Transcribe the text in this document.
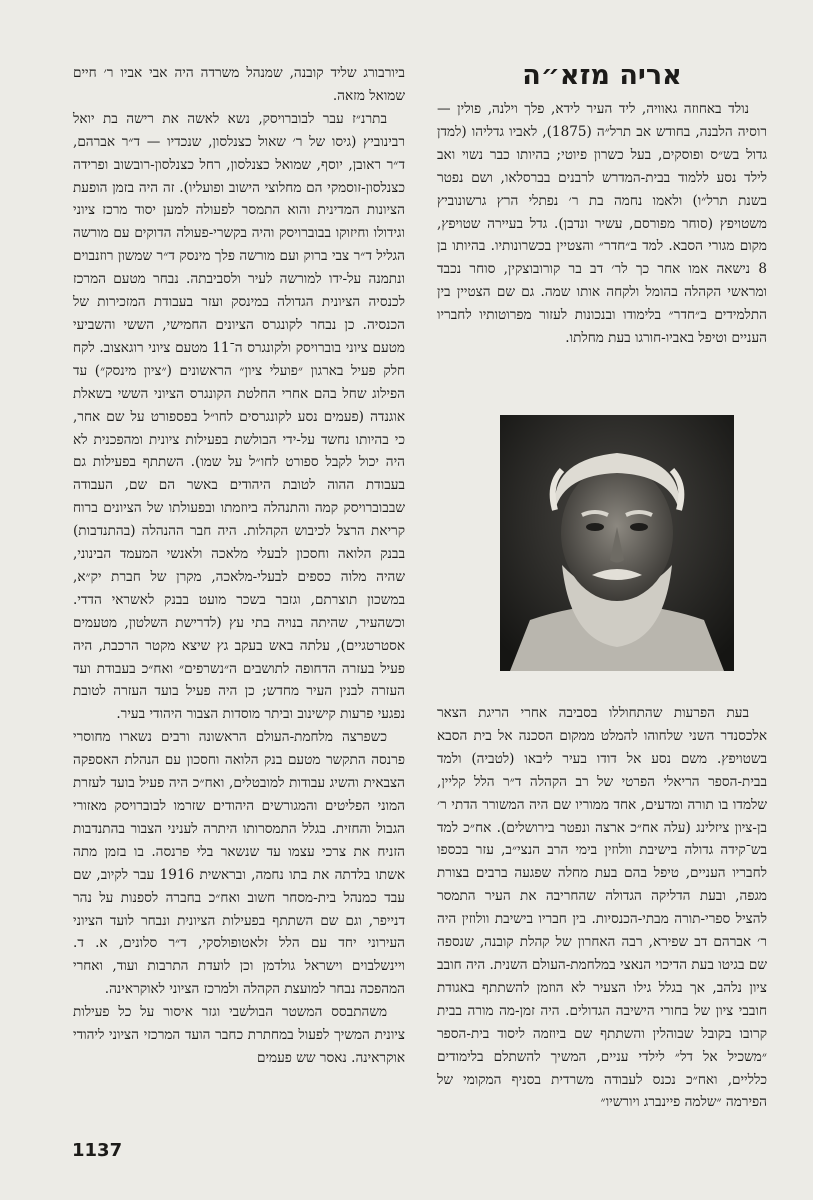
אריה מזא״ה

נולד באחוזה גאוויה, ליד העיר לידא, פלך וילנה, פולין — רוסיה הלבנה, בחודש אב תרל״ה (1875), לאביו גדליהו (למדן גדול בש״ס ופוסקים, בעל כשרון פיוטי; בהיותו כבר נשוי ואב לילד נסע ללמוד בבית-המדרש לרבנים בברסלאו, ושם נפטר בשנת תרל״ו) ולאמו נחמה בת ר׳ נפתלי הרץ גרשונוביץ משטויפץ (סוחר מפורסם, עשיר ונדבן). גדל בעיירה שטויפץ, מקום מגורי הסבא. למד ב״חדר״ והצטיין בכשרונותיו. בהיותו בן 8 נישאה אמו אחר כך לר׳ דב בר קורובוצקין, סוחר נכבד ומראשי הקהלה בהומל ולקחה אותו שמה. גם שם הצטיין בין התלמידים ב״חדר״ בלימודו ובנכונות לעזור מפרוטותיו לחבריו העניים וטיפל באביו-חורגו בעת מחלתו.

בעת הפרעות שהתחוללו בסביבה אחרי הריגת הצאר אלכסנדר השני שלחוהו להמלט ממקום הסכנה אל בית הסבא בשטויפץ. משם נסע אל דודו בעיר ליבאו (לטביה) ולמד בבית-הספר הריאלי הפרטי של רב הקהלה ד״ר הלל קליין, שלמדו בו תורה ומדעים, אחד ממוריו שם היה המשורר הדתי ר׳ בן-ציון ציזלינג (עלה אח״כ ארצה ונפטר בירושלים). אח״כ למד בש־קידה גדולה בישיבת וולוזין בימי הרב הנצי״ב, עזר בכספו לחבריו העניים, טיפל בהם בעת מחלה שפגעה ברבים בצורת מגפה, ובעת הדליקה הגדולה שהחריבה את העיר התמסר להציל ספרי-תורה מבתי-הכנסיות. בין חבריו בישיבת וולוזין היה ר׳ אברהם דב שפירא, רבה האחרון של קהלת קובנה, שנספה שם בגיטו בעת הדיכוי הנאצי במלחמת-העולם השנית. היה חובב ציון נלהב, אך בגלל גילו הצעיר לא הוזמן להשתתף באגודת חובבי ציון של בחורי הישיבה הגדולים. היה זמן-מה מורה בבית קרובו בקובל שבוהלין והשתתף שם ביוזמה ליסוד בית-הספר ״משכיל אל דל״ לילדי עניים, המשיך להשתלם בלימודים כלליים, ואח״כ נכנס לעבודה משרדית בסניף המקומי של הפירמה ״שלמה פיינברג ויורשיו״

ביורבורג שליד קובנה, שמנהל משרדה היה אבי אביו ר׳ חיים שמואל מזאה.

בתרנ״ז עבר לבוברויסק, נשא לאשה את רישה בת יואל רבינוביץ (גיסו של ר׳ שאול כצנלסון, שנכדיו — ד״ר אברהם, ד״ר ראובן, יוסף, שמואל כצנלסון, רחל כצנלסון-רובשוב ופרידה כצנלסון-זוסמקי הם מחלוצי הישוב ופועליו). זה היה בזמן הופעת הציונות המדינית והוא התמסר לפעולה למען יסוד מרכז ציוני וגידולו וחיזוקו בבוברויסק והיה בקשרי-פעולה הדוקים עם מורשה הגליל ד״ר צבי ברוק ועם מורשה פלך מינסק ד״ר שמשון רוזנבוים ונתמנה על-ידו למורשה לעיר ולסביבתה. נבחר מטעם המרכז לכנסיה הציונית הגדולה במינסק ועזר בעבודת המזכירות של הכנסיה. כן נבחר לקונגרס הציונים החמישי, הששי והשביעי מטעם ציוני בוברויסק ולקונגרס ה־11 מטעם ציוני רוגאצוב. לקח חלק פעיל בארגון ״פועלי ציון״ הראשונים (״ציון מינסק״) עד הפילוג שחל בהם אחרי החלטת הקונגרס הציוני הששי בשאלת אוגנדה (פעמים נסע לקונגרסים לחו״ל בפספורט על שם אחר, כי בהיותו נחשד על-ידי הבולשת בפעילות ציונית ומהפכנית לא היה יכול לקבל ספורט לחו״ל על שמו). השתתף בפעילות גם בעבודת ההוה לטובת היהודים באשר הם שם, העבודה שבבוברויסק קמה והתנהלה ביוזמתו ובפעולתו של הציונים ברוח קריאת הרצל לכיבוש הקהלות. היה חבר ההנהלה (בהתנדבות) בבנק הלואה וחסכון לבעלי מלאכה ולאנשי המעמד הבינוני, שהיה מלוה כספים לבעלי-מלאכה, מקרן של חברת יק״א, במשכון תוצרתם, וגזבר בשכר מועט בבנק לאשראי הדדי. וכשהעיר, שהיתה בנויה בתי עץ (לדרישת השלטון, מטעמים אסטרטגיים), עלתה באש בעקב גץ שיצא מקטר הרכבת, היה פעיל בעזרה הדחופה לתושבים ה״נשרפים״ ואח״כ בעבודת ועד העזרה לבנין העיר מחדש; כן היה פעיל בועד העזרה לטובת נפגעי פרעות קישינוב וביתר מוסדות הצבור היהודי בעיר.

כשפרצה מלחמת-העולם הראשונה ורבים נשארו מחוסרי פרנסה התקשר מטעם בנק הלואה וחסכון עם הנהלת האספקה הצבאית והשיג עבודות למובטלים, ואח״כ היה פעיל בועד לעזרת המוני הפליטים והמגורשים היהודים שזרמו לבוברויסק מאזורי הגבול והחזית. בגלל התמסרותו היתרה לעניני הצבור בהתנדבות הזניח את צרכי עצמו עד שנשאר בלי פרנסה. בו בזמן מתה אשתו בלדתה את בתו נחמה, ובראשית 1916 עבר לקיוב, שם עבד כמנהל בית-מסחר חשוב ואח״כ בחברה לספנות על נהר דנייפר, וגם שם השתתף בפעילות הציונית ונבחר לועד הציוני העירוני יחד עם הלל זלאטופולסקי, ד״ר סלונים, א. ד. ויינשלבוים וישראל גולדמן וכן לועדת התרבות ועוד, ואחרי המהפכה נבחר למועצת הקהלה ולמרכז הציוני לאוקראינה.

משהתבסס המשטר הבולשבי וגזר איסור על כל פעילות ציונית המשיך לפעול במחתרת כחבר הועד המרכזי הציוני ליהודי אוקראינה. נאסר שש פעמים

1137
